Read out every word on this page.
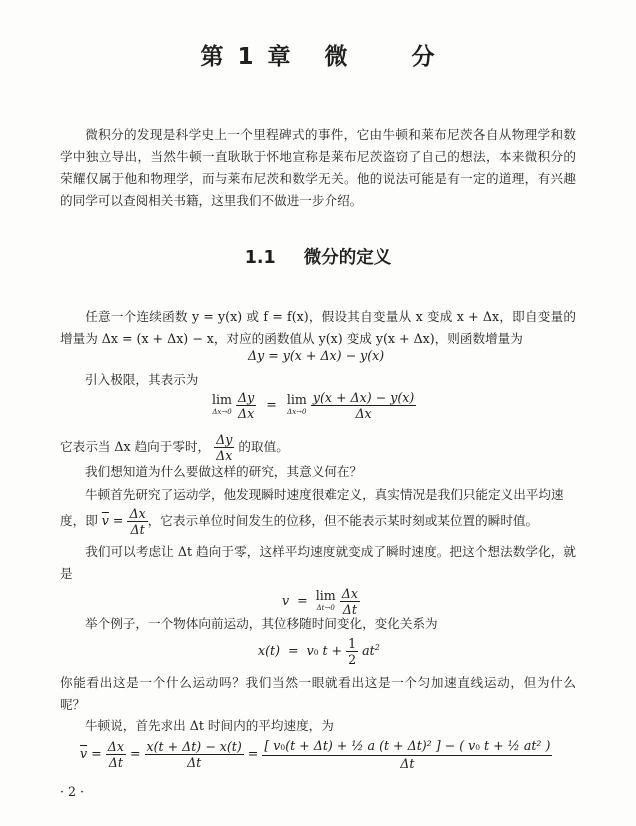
第 1 章 微	分
微积分的发现是科学史上一个里程碑式的事件，它由牛顿和莱布尼茨各自从物理学和数学中独立导出，当然牛顿一直耿耿于怀地宣称是莱布尼茨盗窃了自己的想法，本来微积分的荣耀仅属于他和物理学，而与莱布尼茨和数学无关。他的说法可能是有一定的道理，有兴趣的同学可以查阅相关书籍，这里我们不做进一步介绍。
1.1 微分的定义
任意一个连续函数 y = y(x) 或 f = f(x)，假设其自变量从 x 变成 x + Δx，即自变量的增量为 Δx = (x + Δx) − x，对应的函数值从 y(x) 变成 y(x + Δx)，则函数增量为
Δy = y(x + Δx) − y(x)
引入极限，其表示为
lim
Δx→0
$\frac{\Delta y}{\Delta x} = \lim$
Δx→0
$\frac{y(x + \Delta x) - y(x)}{\Delta x}$
它表示当 Δx 趋向于零时， $\frac{\Delta y}{\Delta x}$ 的取值。
我们想知道为什么要做这样的研究，其意义何在？
牛顿首先研究了运动学，他发现瞬时速度很难定义，真实情况是我们只能定义出平均速
度，即 $\overline{v} = \frac{\Delta x}{\Delta t}$ ，它表示单位时间发生的位移，但不能表示某时刻或某位置的瞬时值。
我们可以考虑让 Δt 趋向于零，这样平均速度就变成了瞬时速度。把这个想法数学化，就是
v = lim
Δt→0
$\frac{\Delta x}{\Delta t}$
举个例子，一个物体向前运动，其位移随时间变化，变化关系为
x(t) = v0 $t + \frac{1}{2} at^2$
你能看出这是一个什么运动吗？我们当然一眼就看出这是一个匀加速直线运动，但为什么呢？
牛顿说，首先求出 Δt 时间内的平均速度，为
$\overline{v} = \frac{\Delta x}{\Delta t} = \frac{x(t + \Delta t) - x(t)}{\Delta t} = \frac{\text{[ v0(t + Δt) + ½ a (t + Δt)² ] − ( v0 t + ½ at² )}}{\Delta t}$
· 2 ·
